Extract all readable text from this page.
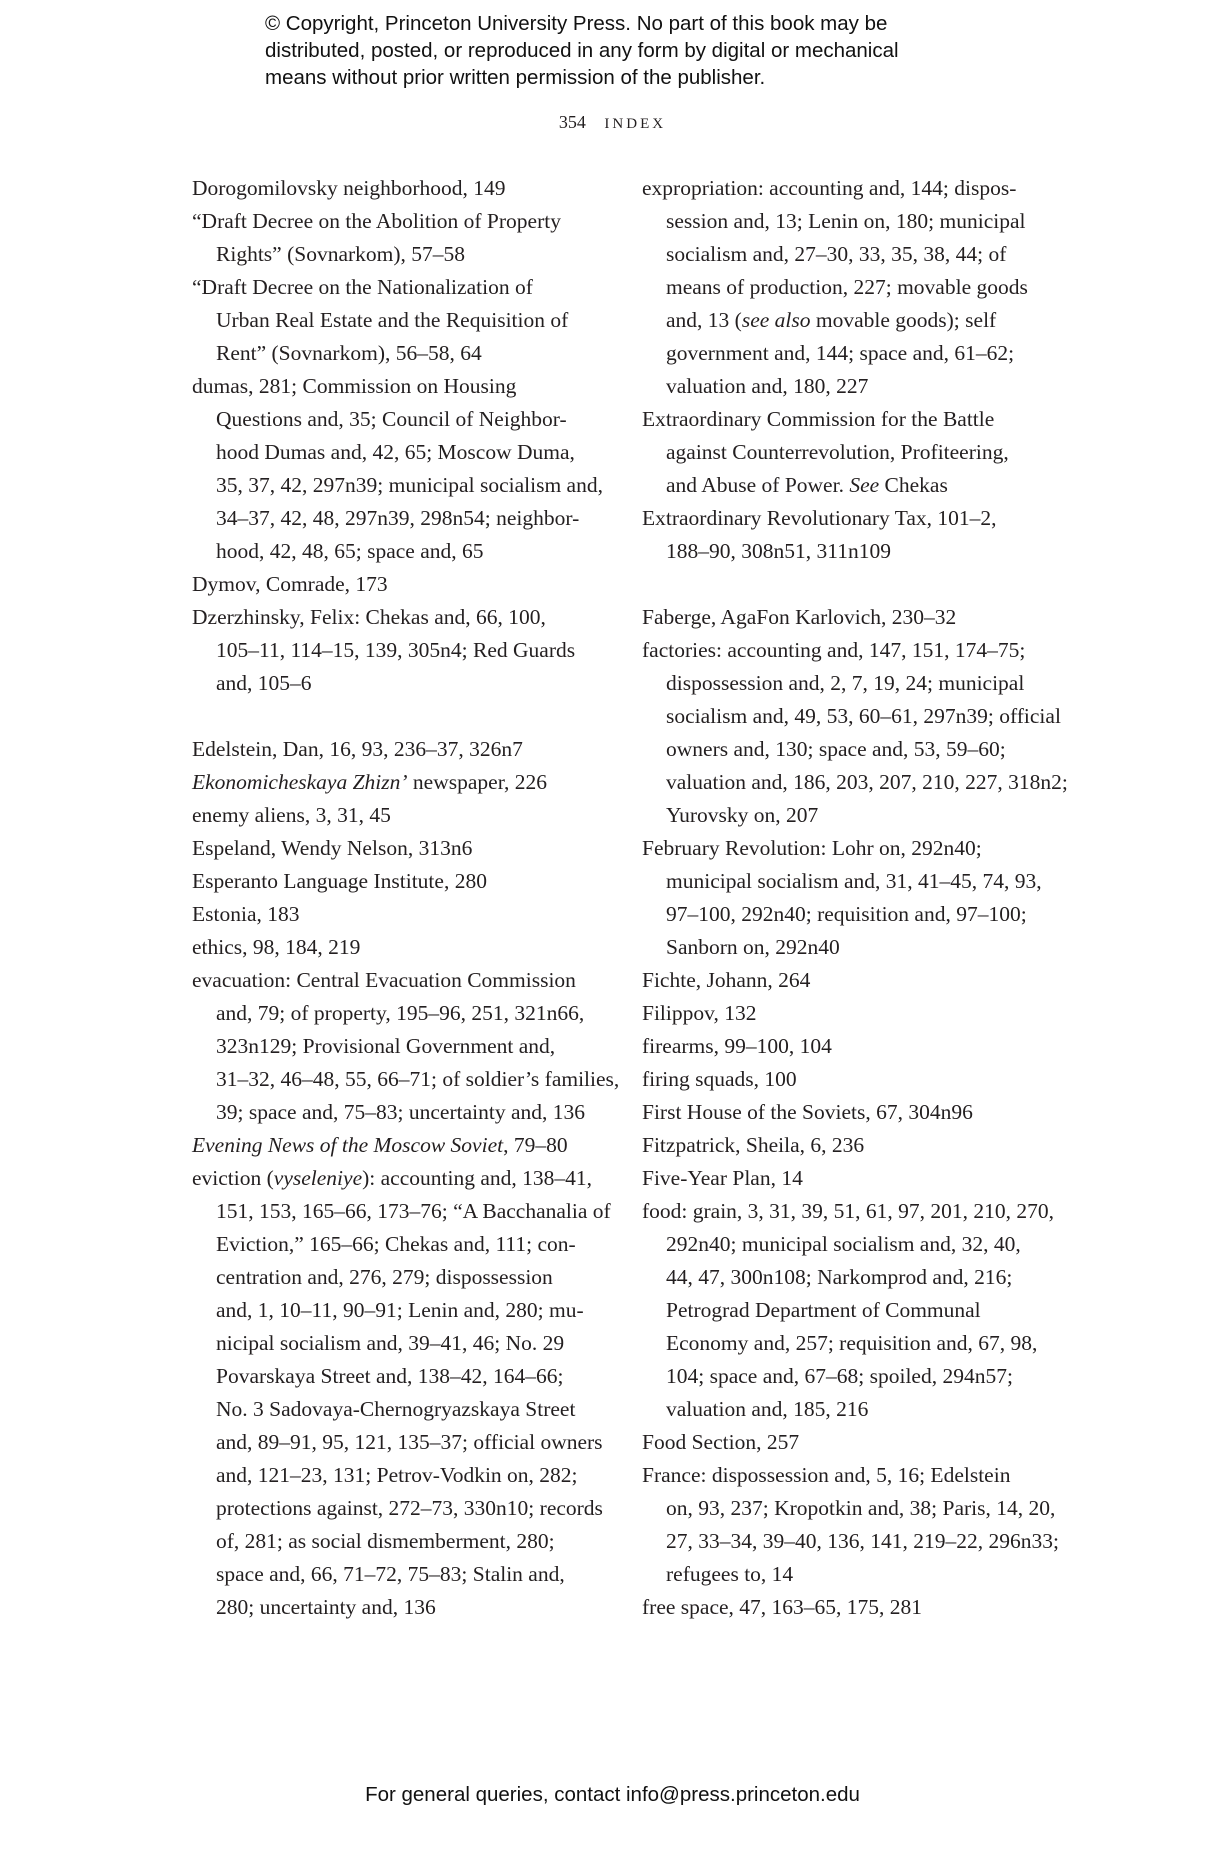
© Copyright, Princeton University Press. No part of this book may be
distributed, posted, or reproduced in any form by digital or mechanical
means without prior written permission of the publisher.
354 INDEX
Dorogomilovsky neighborhood, 149
“Draft Decree on the Abolition of Property
Rights” (Sovnarkom), 57–58
“Draft Decree on the Nationalization of
Urban Real Estate and the Requisition of
Rent” (Sovnarkom), 56–58, 64
dumas, 281; Commission on Housing
Questions and, 35; Council of Neighbor-
hood Dumas and, 42, 65; Moscow Duma,
35, 37, 42, 297n39; municipal socialism and,
34–37, 42, 48, 297n39, 298n54; neighbor-
hood, 42, 48, 65; space and, 65
Dymov, Comrade, 173
Dzerzhinsky, Felix: Chekas and, 66, 100,
105–11, 114–15, 139, 305n4; Red Guards
and, 105–6
Edelstein, Dan, 16, 93, 236–37, 326n7
Ekonomicheskaya Zhizn’ newspaper, 226
enemy aliens, 3, 31, 45
Espeland, Wendy Nelson, 313n6
Esperanto Language Institute, 280
Estonia, 183
ethics, 98, 184, 219
evacuation: Central Evacuation Commission
and, 79; of property, 195–96, 251, 321n66,
323n129; Provisional Government and,
31–32, 46–48, 55, 66–71; of soldier’s families,
39; space and, 75–83; uncertainty and, 136
Evening News of the Moscow Soviet, 79–80
eviction (vyseleniye): accounting and, 138–41,
151, 153, 165–66, 173–76; “A Bacchanalia of
Eviction,” 165–66; Chekas and, 111; con-
centration and, 276, 279; dispossession
and, 1, 10–11, 90–91; Lenin and, 280; mu-
nicipal socialism and, 39–41, 46; No. 29
Povarskaya Street and, 138–42, 164–66;
No. 3 Sadovaya-Chernogryazskaya Street
and, 89–91, 95, 121, 135–37; official owners
and, 121–23, 131; Petrov-Vodkin on, 282;
protections against, 272–73, 330n10; records
of, 281; as social dismemberment, 280;
space and, 66, 71–72, 75–83; Stalin and,
280; uncertainty and, 136
expropriation: accounting and, 144; dispos-
session and, 13; Lenin on, 180; municipal
socialism and, 27–30, 33, 35, 38, 44; of
means of production, 227; movable goods
and, 13 (see also movable goods); self
government and, 144; space and, 61–62;
valuation and, 180, 227
Extraordinary Commission for the Battle
against Counterrevolution, Profiteering,
and Abuse of Power. See Chekas
Extraordinary Revolutionary Tax, 101–2,
188–90, 308n51, 311n109
Faberge, AgaFon Karlovich, 230–32
factories: accounting and, 147, 151, 174–75;
dispossession and, 2, 7, 19, 24; municipal
socialism and, 49, 53, 60–61, 297n39; official
owners and, 130; space and, 53, 59–60;
valuation and, 186, 203, 207, 210, 227, 318n2;
Yurovsky on, 207
February Revolution: Lohr on, 292n40;
municipal socialism and, 31, 41–45, 74, 93,
97–100, 292n40; requisition and, 97–100;
Sanborn on, 292n40
Fichte, Johann, 264
Filippov, 132
firearms, 99–100, 104
firing squads, 100
First House of the Soviets, 67, 304n96
Fitzpatrick, Sheila, 6, 236
Five-Year Plan, 14
food: grain, 3, 31, 39, 51, 61, 97, 201, 210, 270,
292n40; municipal socialism and, 32, 40,
44, 47, 300n108; Narkomprod and, 216;
Petrograd Department of Communal
Economy and, 257; requisition and, 67, 98,
104; space and, 67–68; spoiled, 294n57;
valuation and, 185, 216
Food Section, 257
France: dispossession and, 5, 16; Edelstein
on, 93, 237; Kropotkin and, 38; Paris, 14, 20,
27, 33–34, 39–40, 136, 141, 219–22, 296n33;
refugees to, 14
free space, 47, 163–65, 175, 281
For general queries, contact info@press.princeton.edu
